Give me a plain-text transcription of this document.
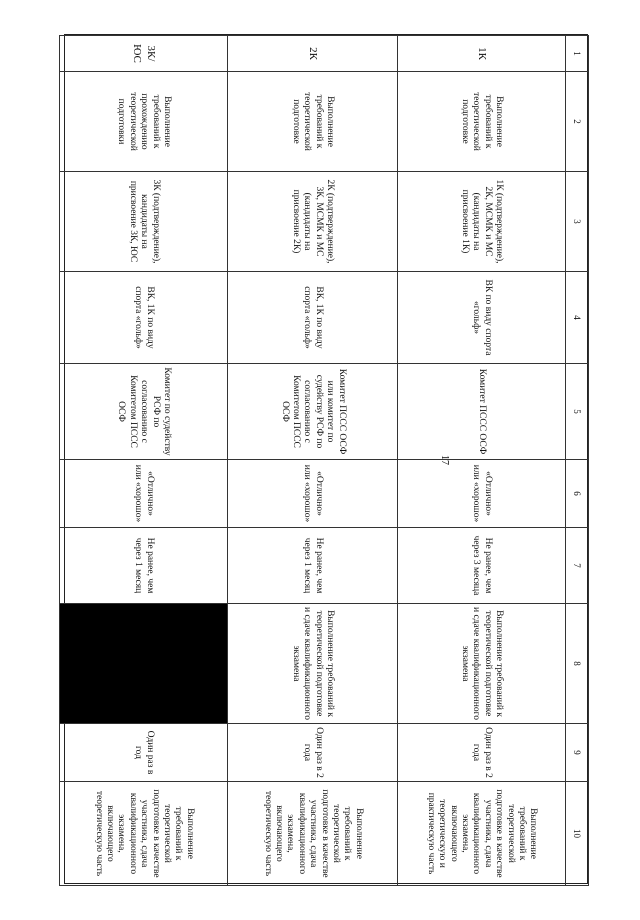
17
1	2	3	4	5	6	7	8	9	10
1К	Выполнение требований к теоретической подготовке	1К (подтверждение), 2К, МСМК и МС (кандидаты на присвоение 1К)	ВК по виду спорта «гольф»	Комитет ПССС ОСФ	«Отлично» или «хорошо»	Не ранее, чем через 3 месяца	Выполнение требований к теоретической подготовке и сдаче квалификационного экзамена	Один раз в 2 года	Выполнение требований к теоретической подготовке в качестве участника, сдача квалификационного экзамена, включающего теоретическую и практическую часть
2К	Выполнение требований к теоретической подготовке	2К (подтверждение), 3К, МСМК и МС (кандидаты на присвоение 2К)	ВК, 1К по виду спорта «гольф»	Комитет ПССС ОСФ или комитет по судейству РСФ по согласованию с Комитетом ПССС ОСФ	«Отлично» или «хорошо»	Не ранее, чем через 1 месяц	Выполнение требований к теоретической подготовке и сдаче квалификационного экзамена	Один раз в 2 года	Выполнение требований к теоретической подготовке в качестве участника, сдача квалификационного экзамена, включающего теоретическую часть
3К/ЮС	Выполнение требований к прохождению теоретической подготовки	3К (подтверждение), кандидаты на присвоение 3К, ЮС	ВК, 1К по виду спорта «гольф»	Комитет по судейству РСФ по согласованию с Комитетом ПССС ОСФ	«Отлично» или «хорошо»	Не ранее, чем через 1 месяц		Один раз в год	Выполнение требований к теоретической подготовке в качестве участника, сдача квалификационного экзамена, включающего теоретическую часть
